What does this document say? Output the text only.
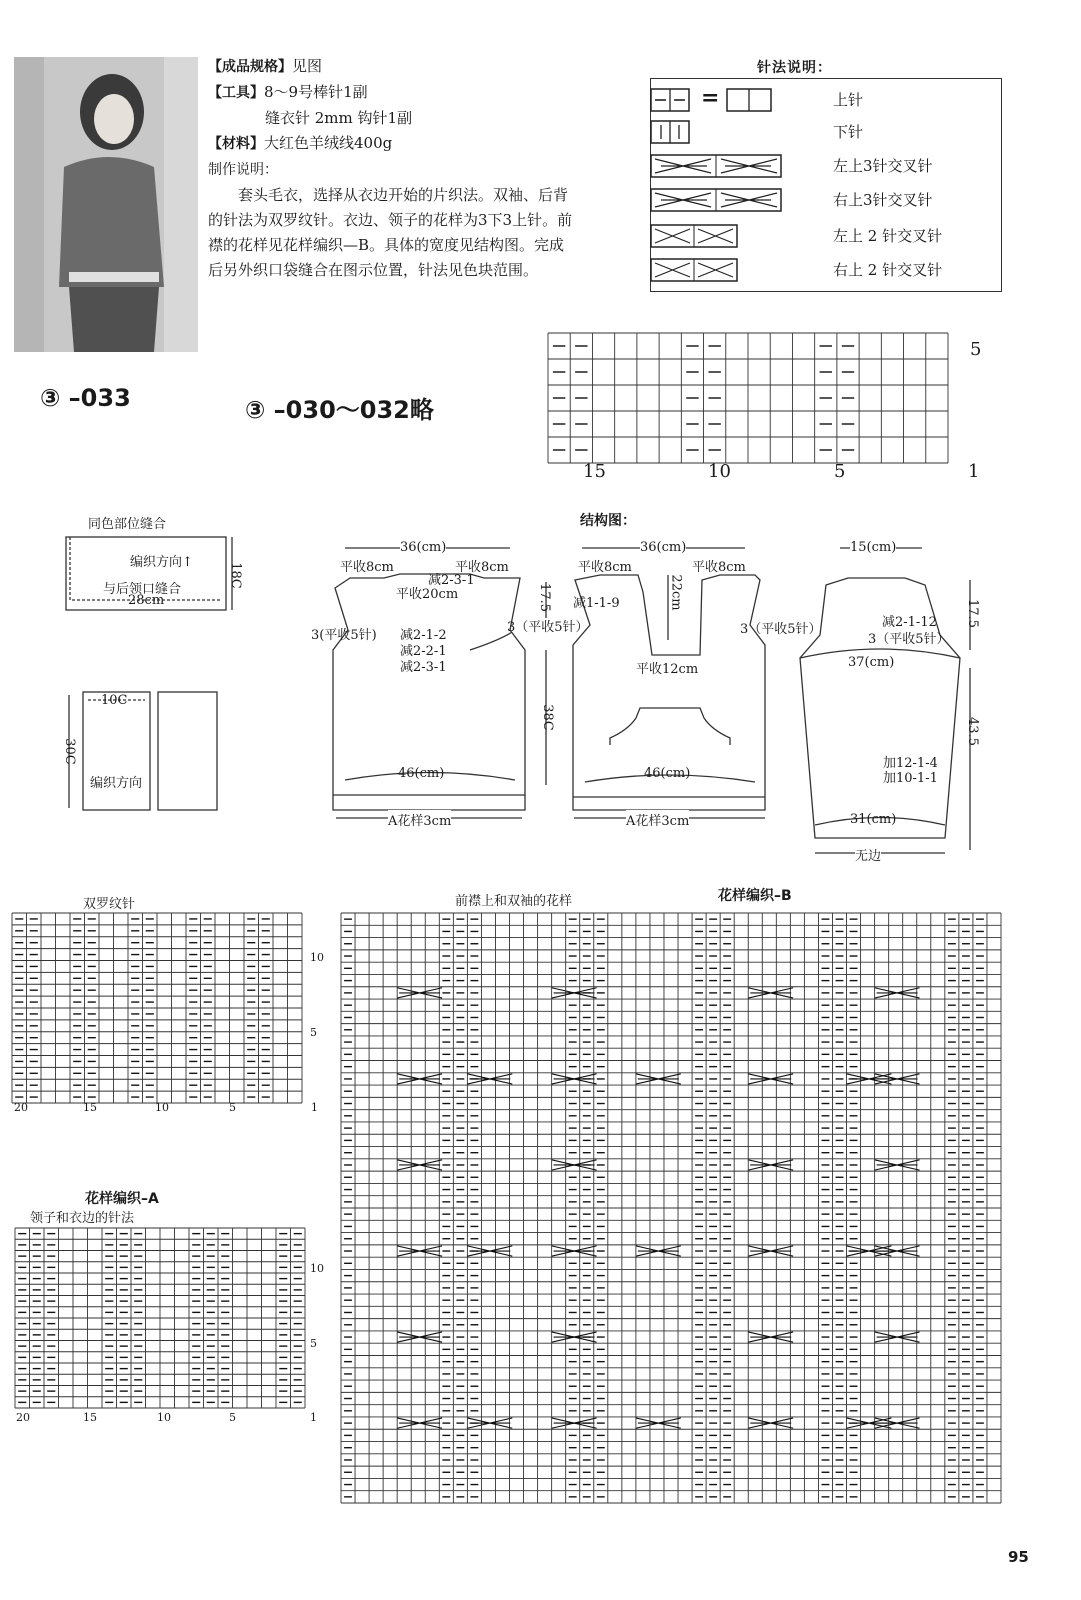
【成品规格】见图
【工具】8～9号棒针1副
缝衣针 2mm 钩针1副
【材料】大红色羊绒线400g
制作说明：
套头毛衣，选择从衣边开始的片织法。双袖、后背的针法为双罗纹针。衣边、领子的花样为3下3上针。前襟的花样见花样编织—B。具体的宽度见结构图。完成后另外织口袋缝合在图示位置，针法见色块范围。
针法说明：
=	上针
下针
左上3针交叉针
右上3针交叉针
左上 2 针交叉针
右上 2 针交叉针
③ –033	③ –030～032略
5
15	10	5	1
结构图：
同色部位缝合
编织方向↑
与后领口缝合
28cm
18C
10C
30C
编织方向
36(cm)
平收8cm	平收8cm
减2-3-1
平收20cm
3(平收5针) 减2-1-2
减2-2-1
减2-3-1
3（平收5针）
46(cm)
A花样3cm
17.5
38C
36(cm)
平收8cm	平收8cm
减1-1-9	22cm
3（平收5针）
平收12cm
46(cm)
A花样3cm
15(cm)
减2-1-12
3（平收5针）
37(cm)
加12-1-4
加10-1-1
31(cm)
无边
17.5
43.5
双罗纹针
10
5
20	15	10	5	1
花样编织–A
领子和衣边的针法
10
5
1
20	15	10	5
花样编织–B
前襟上和双袖的花样
95
